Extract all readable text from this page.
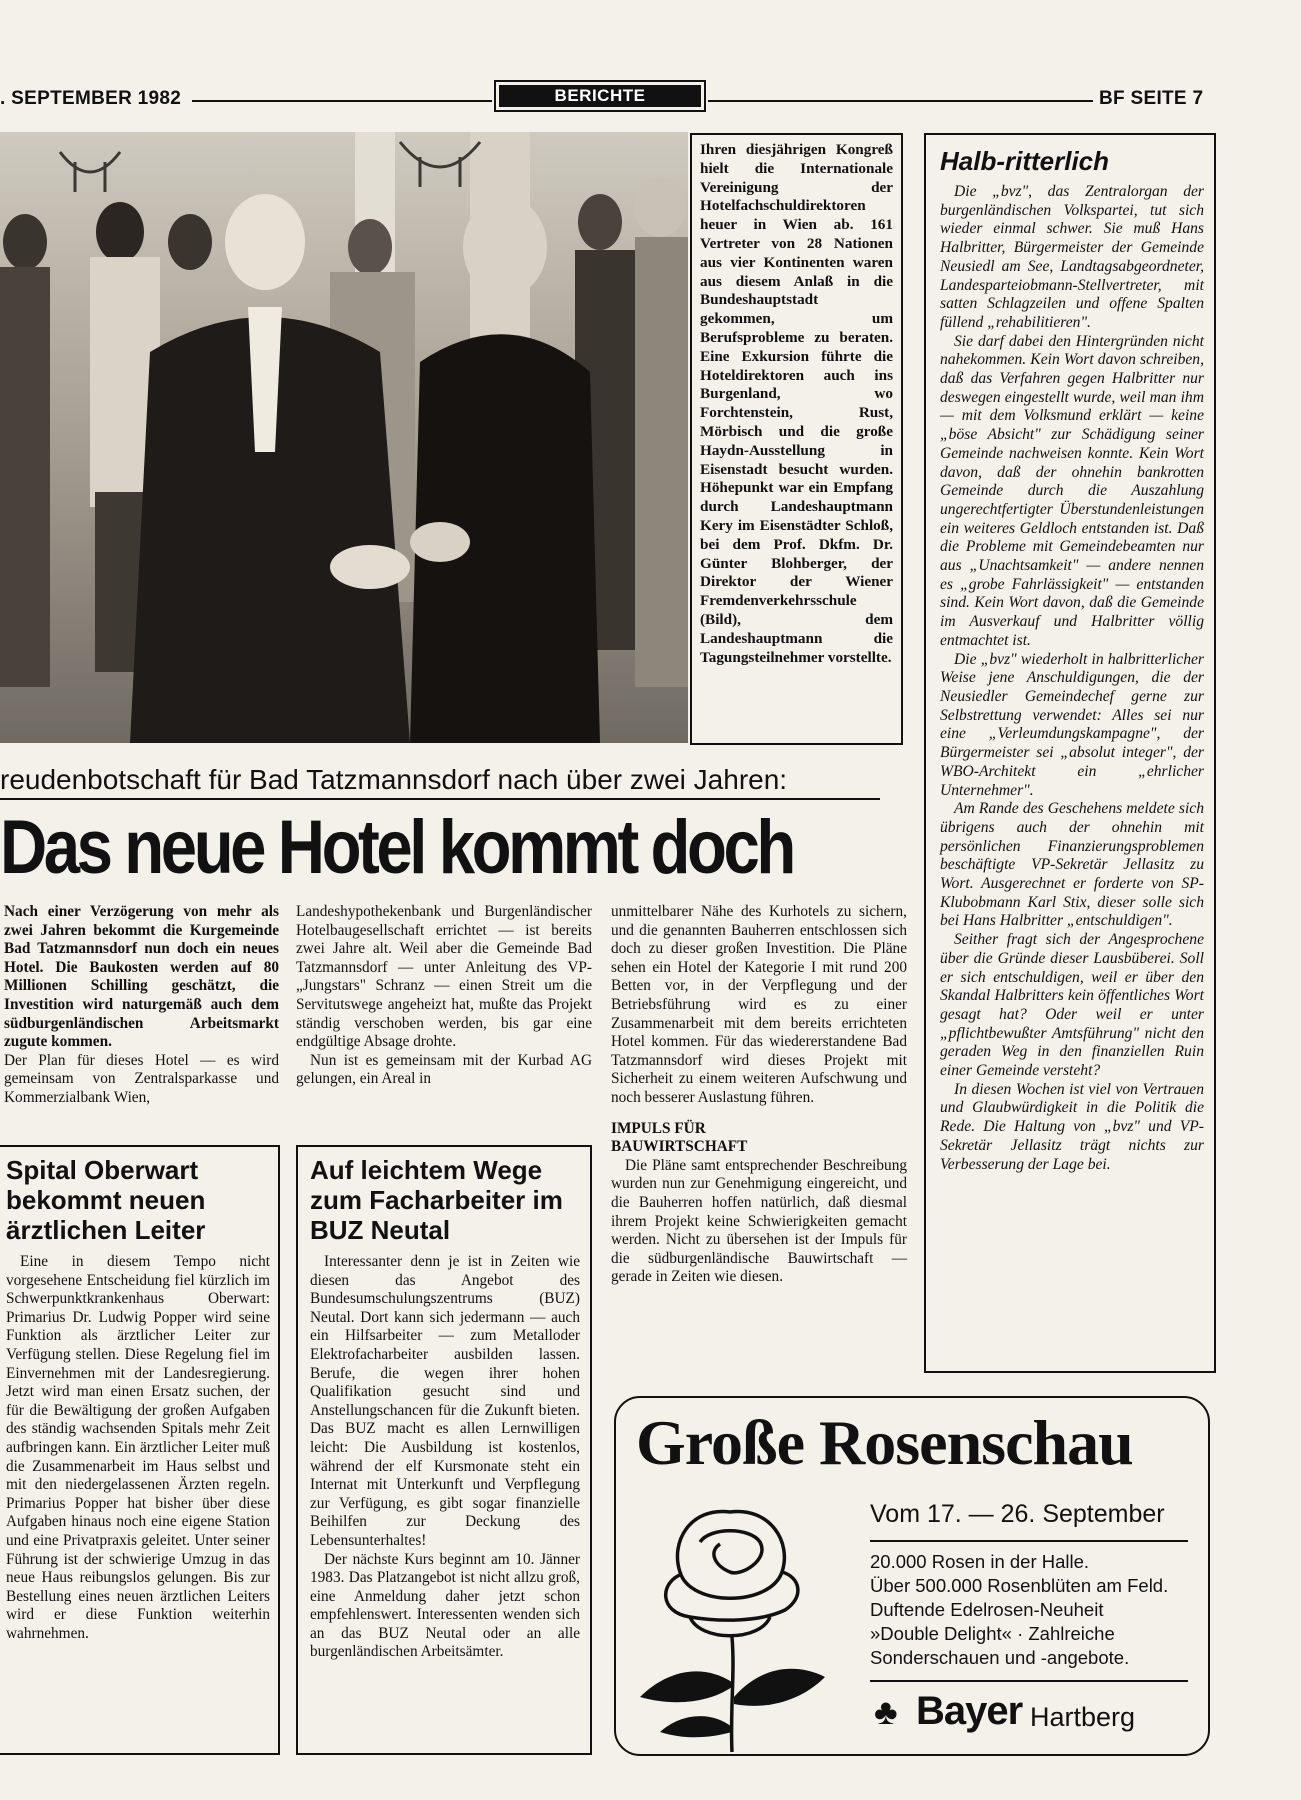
. SEPTEMBER 1982	BERICHTE	BF SEITE 7
Ihren diesjährigen Kongreß hielt die Internationale Vereinigung der Hotelfachschuldirektoren heuer in Wien ab. 161 Vertreter von 28 Nationen aus vier Kontinenten waren aus diesem Anlaß in die Bundeshauptstadt gekommen, um Berufsprobleme zu beraten. Eine Exkursion führte die Hoteldirektoren auch ins Burgenland, wo Forchtenstein, Rust, Mörbisch und die große Haydn-Ausstellung in Eisenstadt besucht wurden. Höhepunkt war ein Empfang durch Landeshauptmann Kery im Eisenstädter Schloß, bei dem Prof. Dkfm. Dr. Günter Blohberger, der Direktor der Wiener Fremdenverkehrsschule (Bild), dem Landeshauptmann die Tagungsteilnehmer vorstellte.
reudenbotschaft für Bad Tatzmannsdorf nach über zwei Jahren:
Das neue Hotel kommt doch

Nach einer Verzögerung von mehr als zwei Jahren bekommt die Kurgemeinde Bad Tatzmannsdorf nun doch ein neues Hotel. Die Baukosten werden auf 80 Millionen Schilling geschätzt, die Investition wird naturgemäß auch dem südburgenländischen Arbeitsmarkt zugute kommen.

Der Plan für dieses Hotel — es wird gemeinsam von Zentralsparkasse und Kommerzialbank Wien,

Landeshypothekenbank und Burgenländischer Hotelbaugesellschaft errichtet — ist bereits zwei Jahre alt. Weil aber die Gemeinde Bad Tatzmannsdorf — unter Anleitung des VP-„Jungstars" Schranz — einen Streit um die Servitutswege angeheizt hat, mußte das Projekt ständig verschoben werden, bis gar eine endgültige Absage drohte.

Nun ist es gemeinsam mit der Kurbad AG gelungen, ein Areal in

unmittelbarer Nähe des Kurhotels zu sichern, und die genannten Bauherren entschlossen sich doch zu dieser großen Investition. Die Pläne sehen ein Hotel der Kategorie I mit rund 200 Betten vor, in der Verpflegung und der Betriebsführung wird es zu einer Zusammenarbeit mit dem bereits errichteten Hotel kommen. Für das wiedererstandene Bad Tatzmannsdorf wird dieses Projekt mit Sicherheit zu einem weiteren Aufschwung und noch besserer Auslastung führen.

IMPULS FÜR BAUWIRTSCHAFT

Die Pläne samt entsprechender Beschreibung wurden nun zur Genehmigung eingereicht, und die Bauherren hoffen natürlich, daß diesmal ihrem Projekt keine Schwierigkeiten gemacht werden. Nicht zu übersehen ist der Impuls für die südburgenländische Bauwirtschaft — gerade in Zeiten wie diesen.

Spital Oberwart bekommt neuen ärztlichen Leiter
Eine in diesem Tempo nicht vorgesehene Entscheidung fiel kürzlich im Schwerpunktkrankenhaus Oberwart: Primarius Dr. Ludwig Popper wird seine Funktion als ärztlicher Leiter zur Verfügung stellen. Diese Regelung fiel im Einvernehmen mit der Landesregierung. Jetzt wird man einen Ersatz suchen, der für die Bewältigung der großen Aufgaben des ständig wachsenden Spitals mehr Zeit aufbringen kann. Ein ärztlicher Leiter muß die Zusammenarbeit im Haus selbst und mit den niedergelassenen Ärzten regeln. Primarius Popper hat bisher über diese Aufgaben hinaus noch eine eigene Station und eine Privatpraxis geleitet. Unter seiner Führung ist der schwierige Umzug in das neue Haus reibungslos gelungen. Bis zur Bestellung eines neuen ärztlichen Leiters wird er diese Funktion weiterhin wahrnehmen.
Auf leichtem Wege zum Facharbeiter im BUZ Neutal

Interessanter denn je ist in Zeiten wie diesen das Angebot des Bundesumschulungszentrums (BUZ) Neutal. Dort kann sich jedermann — auch ein Hilfsarbeiter — zum Metalloder Elektrofacharbeiter ausbilden lassen. Berufe, die wegen ihrer hohen Qualifikation gesucht sind und Anstellungschancen für die Zukunft bieten. Das BUZ macht es allen Lernwilligen leicht: Die Ausbildung ist kostenlos, während der elf Kursmonate steht ein Internat mit Unterkunft und Verpflegung zur Verfügung, es gibt sogar finanzielle Beihilfen zur Deckung des Lebensunterhaltes!

Der nächste Kurs beginnt am 10. Jänner 1983. Das Platzangebot ist nicht allzu groß, eine Anmeldung daher jetzt schon empfehlenswert. Interessenten wenden sich an das BUZ Neutal oder an alle burgenländischen Arbeitsämter.

Halb-ritterlich

Die „bvz", das Zentralorgan der burgenländischen Volkspartei, tut sich wieder einmal schwer. Sie muß Hans Halbritter, Bürgermeister der Gemeinde Neusiedl am See, Landtagsabgeordneter, Landesparteiobmann-Stellvertreter, mit satten Schlagzeilen und offene Spalten füllend „rehabilitieren".

Sie darf dabei den Hintergründen nicht nahekommen. Kein Wort davon schreiben, daß das Verfahren gegen Halbritter nur deswegen eingestellt wurde, weil man ihm — mit dem Volksmund erklärt — keine „böse Absicht" zur Schädigung seiner Gemeinde nachweisen konnte. Kein Wort davon, daß der ohnehin bankrotten Gemeinde durch die Auszahlung ungerechtfertigter Überstundenleistungen ein weiteres Geldloch entstanden ist. Daß die Probleme mit Gemeindebeamten nur aus „Unachtsamkeit" — andere nennen es „grobe Fahrlässigkeit" — entstanden sind. Kein Wort davon, daß die Gemeinde im Ausverkauf und Halbritter völlig entmachtet ist.

Die „bvz" wiederholt in halbritterlicher Weise jene Anschuldigungen, die der Neusiedler Gemeindechef gerne zur Selbstrettung verwendet: Alles sei nur eine „Verleumdungskampagne", der Bürgermeister sei „absolut integer", der WBO-Architekt ein „ehrlicher Unternehmer".

Am Rande des Geschehens meldete sich übrigens auch der ohnehin mit persönlichen Finanzierungsproblemen beschäftigte VP-Sekretär Jellasitz zu Wort. Ausgerechnet er forderte von SP-Klubobmann Karl Stix, dieser solle sich bei Hans Halbritter „entschuldigen".

Seither fragt sich der Angesprochene über die Gründe dieser Lausbüberei. Soll er sich entschuldigen, weil er über den Skandal Halbritters kein öffentliches Wort gesagt hat? Oder weil er unter „pflichtbewußter Amtsführung" nicht den geraden Weg in den finanziellen Ruin einer Gemeinde versteht?

In diesen Wochen ist viel von Vertrauen und Glaubwürdigkeit in die Politik die Rede. Die Haltung von „bvz" und VP-Sekretär Jellasitz trägt nichts zur Verbesserung der Lage bei.

Große Rosenschau
Vom 17. — 26. September
20.000 Rosen in der Halle.
Über 500.000 Rosenblüten am Feld.
Duftende Edelrosen-Neuheit
»Double Delight« · Zahlreiche
Sonderschauen und -angebote.
♣ Bayer Hartberg
